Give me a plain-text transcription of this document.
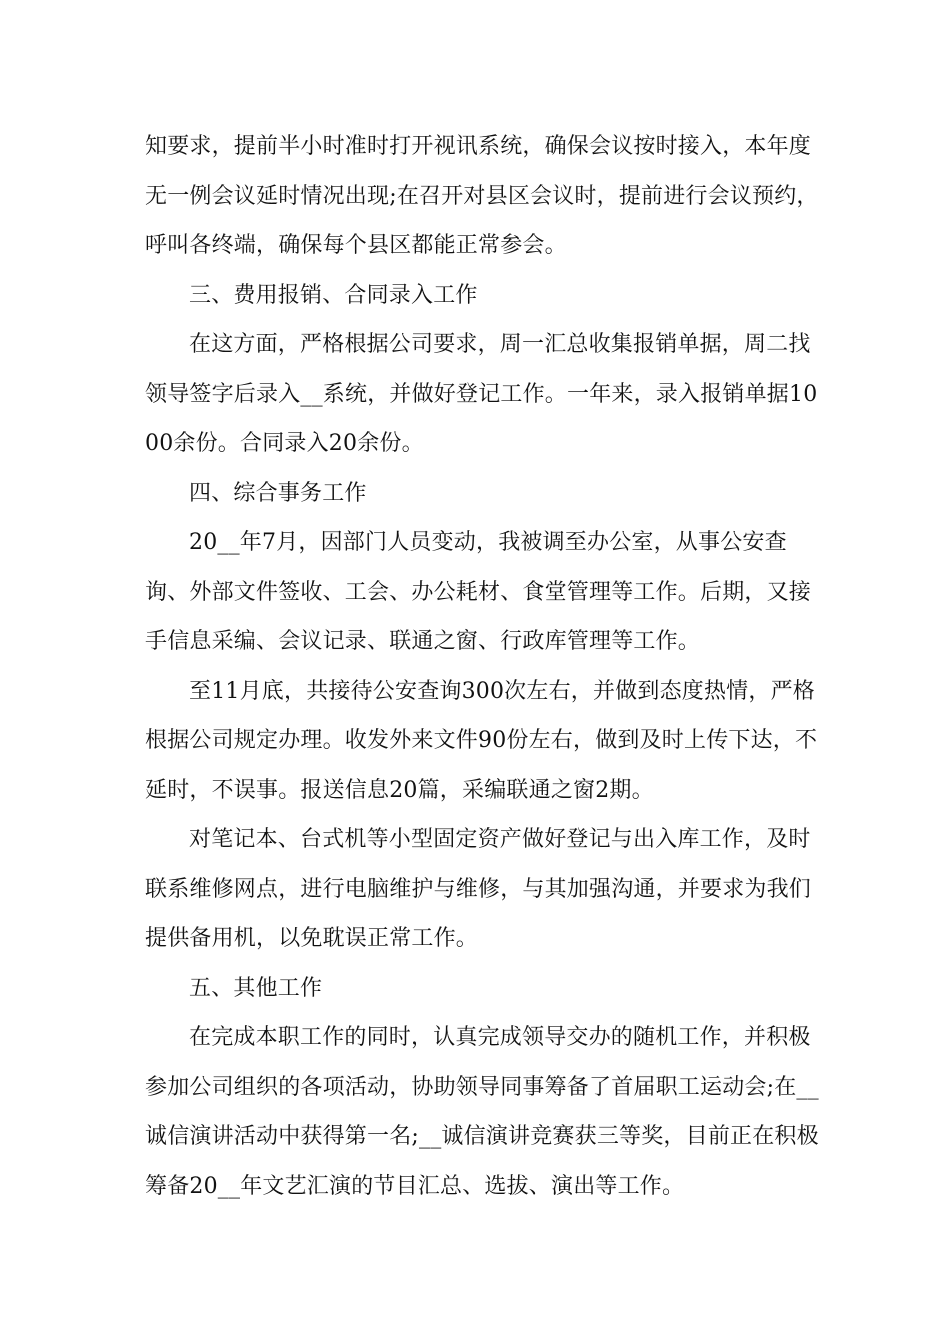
知要求，提前半小时准时打开视讯系统，确保会议按时接入，本年度无一例会议延时情况出现;在召开对县区会议时，提前进行会议预约，呼叫各终端，确保每个县区都能正常参会。

三、费用报销、合同录入工作

在这方面，严格根据公司要求，周一汇总收集报销单据，周二找领导签字后录入__系统，并做好登记工作。一年来，录入报销单据1000余份。合同录入20余份。

四、综合事务工作

20__年7月，因部门人员变动，我被调至办公室，从事公安查询、外部文件签收、工会、办公耗材、食堂管理等工作。后期，又接手信息采编、会议记录、联通之窗、行政库管理等工作。

至11月底，共接待公安查询300次左右，并做到态度热情，严格根据公司规定办理。收发外来文件90份左右，做到及时上传下达，不延时，不误事。报送信息20篇，采编联通之窗2期。

对笔记本、台式机等小型固定资产做好登记与出入库工作，及时联系维修网点，进行电脑维护与维修，与其加强沟通，并要求为我们提供备用机，以免耽误正常工作。

五、其他工作

在完成本职工作的同时，认真完成领导交办的随机工作，并积极参加公司组织的各项活动，协助领导同事筹备了首届职工运动会;在__诚信演讲活动中获得第一名;__诚信演讲竞赛获三等奖，目前正在积极筹备20__年文艺汇演的节目汇总、选拔、演出等工作。
